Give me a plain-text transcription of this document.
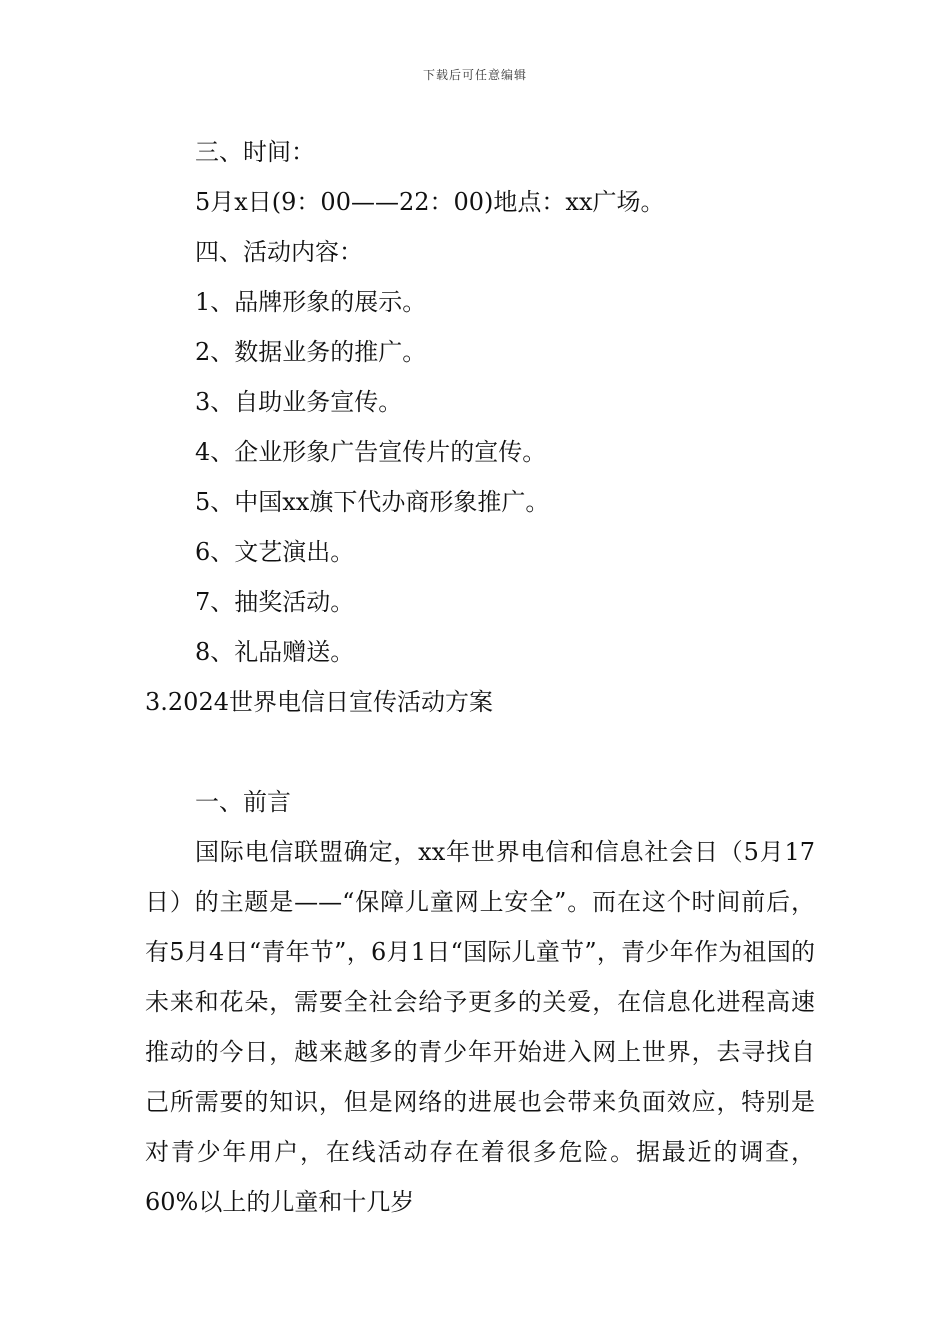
下载后可任意编辑
三、时间：
5月x日(9：00——22：00)地点：xx广场。
四、活动内容：
1、品牌形象的展示。
2、数据业务的推广。
3、自助业务宣传。
4、企业形象广告宣传片的宣传。
5、中国xx旗下代办商形象推广。
6、文艺演出。
7、抽奖活动。
8、礼品赠送。
3.2024世界电信日宣传活动方案
一、前言

国际电信联盟确定，xx年世界电信和信息社会日（5月17日）的主题是——“保障儿童网上安全”。而在这个时间前后，有5月4日“青年节”，6月1日“国际儿童节”，青少年作为祖国的未来和花朵，需要全社会给予更多的关爱，在信息化进程高速推动的今日，越来越多的青少年开始进入网上世界，去寻找自己所需要的知识，但是网络的进展也会带来负面效应，特别是对青少年用户，在线活动存在着很多危险。据最近的调查，60%以上的儿童和十几岁
